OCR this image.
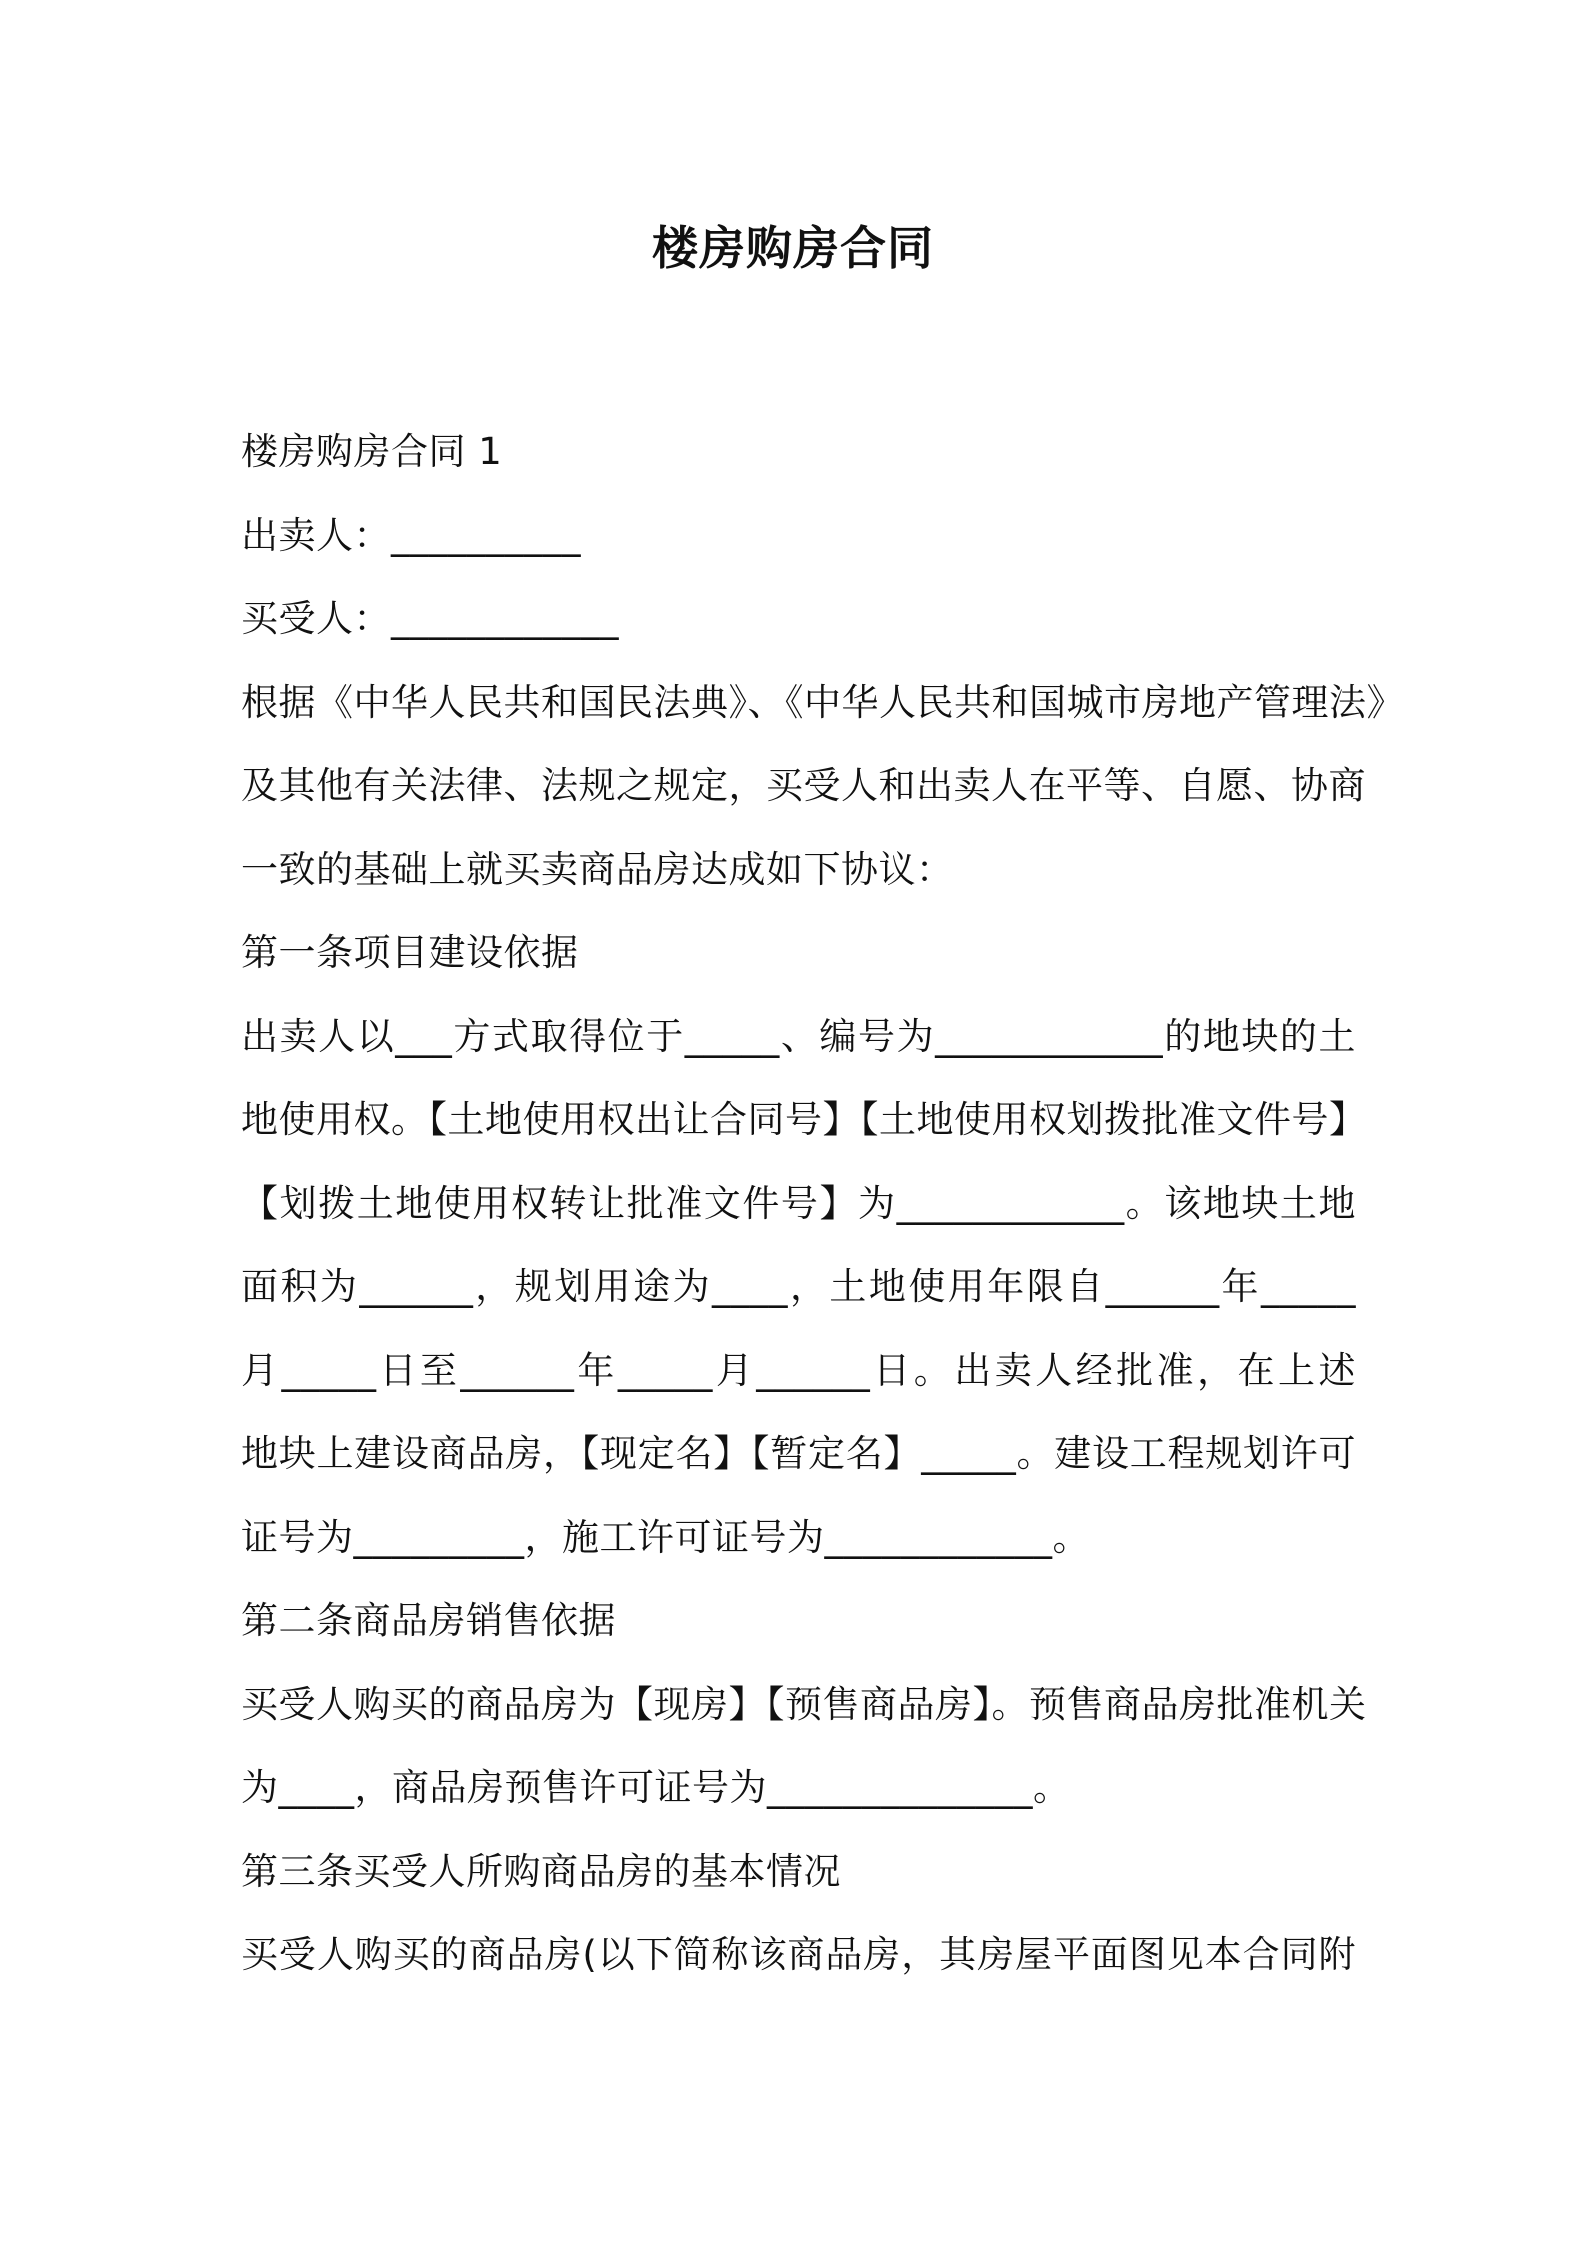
楼房购房合同
楼房购房合同 1
出卖人：__________
买受人：____________
根据《中华人民共和国民法典》、《中华人民共和国城市房地产管理法》
及其他有关法律、法规之规定，买受人和出卖人在平等、自愿、协商
一致的基础上就买卖商品房达成如下协议：
第一条项目建设依据
出卖人以___方式取得位于_____、编号为____________的地块的土
地使用权。【土地使用权出让合同号】【土地使用权划拨批准文件号】
【划拨土地使用权转让批准文件号】为____________。该地块土地
面积为______，规划用途为____，土地使用年限自______年_____
月_____日至______年_____月______日。出卖人经批准，在上述
地块上建设商品房，【现定名】【暂定名】_____。建设工程规划许可
证号为_________，施工许可证号为____________。
第二条商品房销售依据
买受人购买的商品房为【现房】【预售商品房】。预售商品房批准机关
为____，商品房预售许可证号为______________。
第三条买受人所购商品房的基本情况
买受人购买的商品房(以下简称该商品房，其房屋平面图见本合同附
